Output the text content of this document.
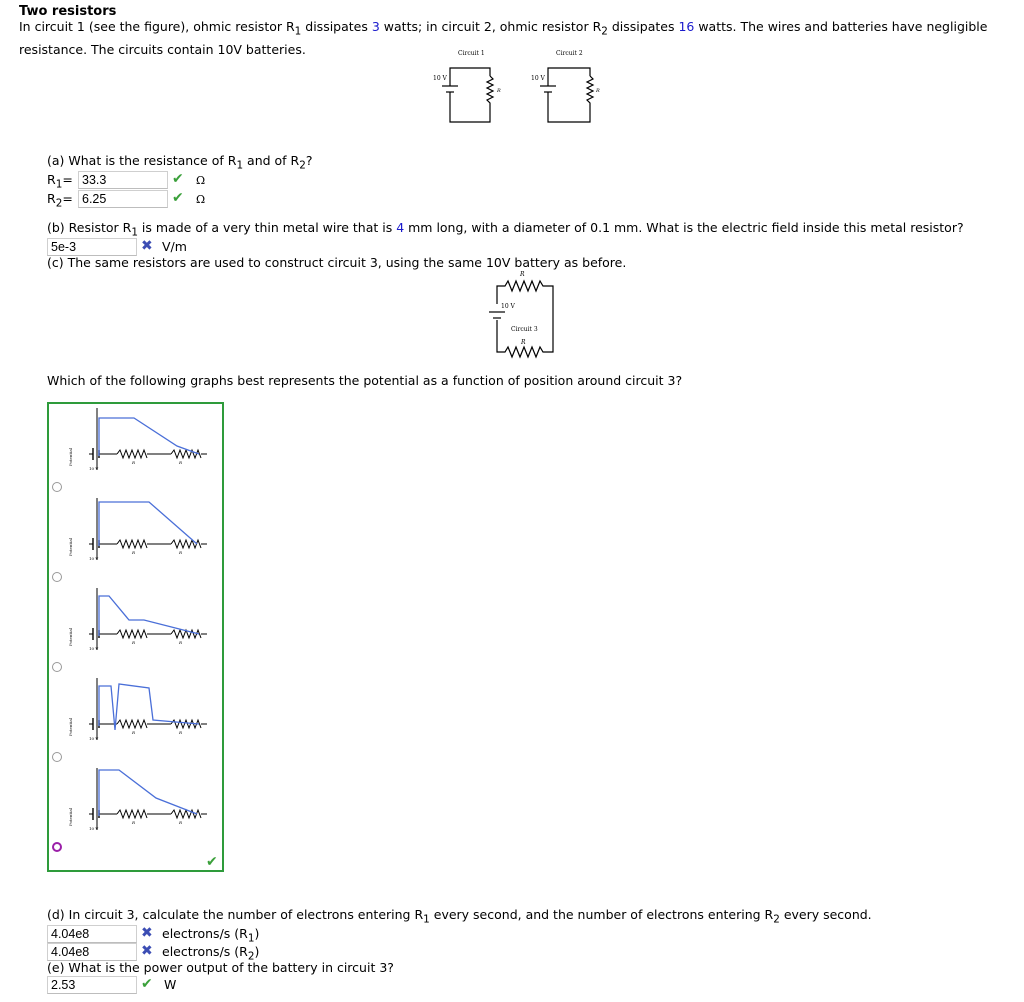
Two resistors
In circuit 1 (see the figure), ohmic resistor $R_1$ dissipates 3 watts; in circuit 2, ohmic resistor $R_2$ dissipates 16 watts. The wires and batteries have negligible resistance. The circuits contain 10V batteries.	Circuit 1	Circuit 2
10 V
R
10 V
R
(a) What is the resistance of $R_1$ and of $R_2$?
$R_1= 33.3$	✔ Ω
$R_2= 6.25$	✔ Ω
(b) Resistor $R_1$ is made of a very thin metal wire that is 4 mm long, with a diameter of 0.1 mm. What is the electric field inside this metal resistor?
5e-3	✖ V/m
(c) The same resistors are used to construct circuit 3, using the same 10V battery as before.
R
10 V
Circuit 3
R
Which of the following graphs best represents the potential as a function of position around circuit 3?
10 V
R	R
Potential
10 V
R	R
Potential
10 V
R	R
Potential
10 V
R	R
Potential
10 V
R	R
Potential
✔
(d) In circuit 3, calculate the number of electrons entering $R_1$ every second, and the number of electrons entering $R_2$ every second.
4.04e8	✖ electrons/s $(R_1)$
4.04e8	✖ electrons/s $(R_2)$
(e) What is the power output of the battery in circuit 3?
2.53	✔ W
